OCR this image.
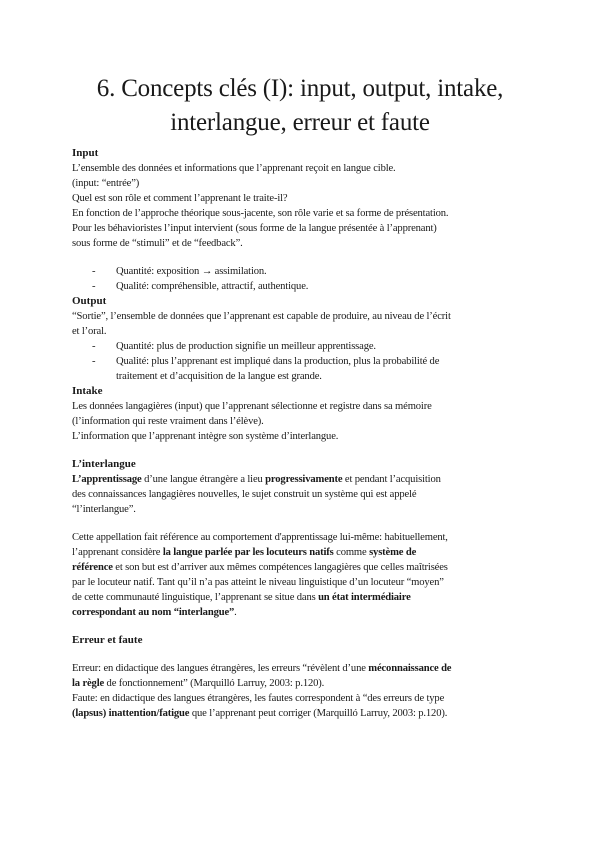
6. Concepts clés (I): input, output, intake,
interlangue, erreur et faute

Input

L’ensemble des données et informations que l’apprenant reçoit en langue cible.

(input: “entrée”)

Quel est son rôle et comment l’apprenant le traite-il?

En fonction de l’approche théorique sous-jacente, son rôle varie et sa forme de présentation.

Pour les béhavioristes l’input intervient (sous forme de la langue présentée à l’apprenant)

sous forme de “stimuli” et de “feedback”.

- Quantité: exposition → assimilation.
- Qualité: compréhensible, attractif, authentique.

Output

“Sortie”, l’ensemble de données que l’apprenant est capable de produire, au niveau de l’écrit

et l’oral.

- Quantité: plus de production signifie un meilleur apprentissage.
- Qualité: plus l’apprenant est impliqué dans la production, plus la probabilité de
traitement et d’acquisition de la langue est grande.

Intake

Les données langagières (input) que l’apprenant sélectionne et registre dans sa mémoire

(l’information qui reste vraiment dans l’élève).

L’information que l’apprenant intègre son système d’interlangue.

L’interlangue

L’apprentissage d’une langue étrangère a lieu progressivamente et pendant l’acquisition

des connaissances langagières nouvelles, le sujet construit un système qui est appelé

“l’interlangue”.

Cette appellation fait référence au comportement d'apprentissage lui-même: habituellement,

l’apprenant considère la langue parlée par les locuteurs natifs comme système de

référence et son but est d’arriver aux mêmes compétences langagières que celles maîtrisées

par le locuteur natif. Tant qu’il n’a pas atteint le niveau linguistique d’un locuteur “moyen”

de cette communauté linguistique, l’apprenant se situe dans un état intermédiaire

correspondant au nom “interlangue”.

Erreur et faute

Erreur: en didactique des langues étrangères, les erreurs “révèlent d’une méconnaissance de

la règle de fonctionnement” (Marquilló Larruy, 2003: p.120).

Faute: en didactique des langues étrangères, les fautes correspondent à “des erreurs de type

(lapsus) inattention/fatigue que l’apprenant peut corriger (Marquilló Larruy, 2003: p.120).
